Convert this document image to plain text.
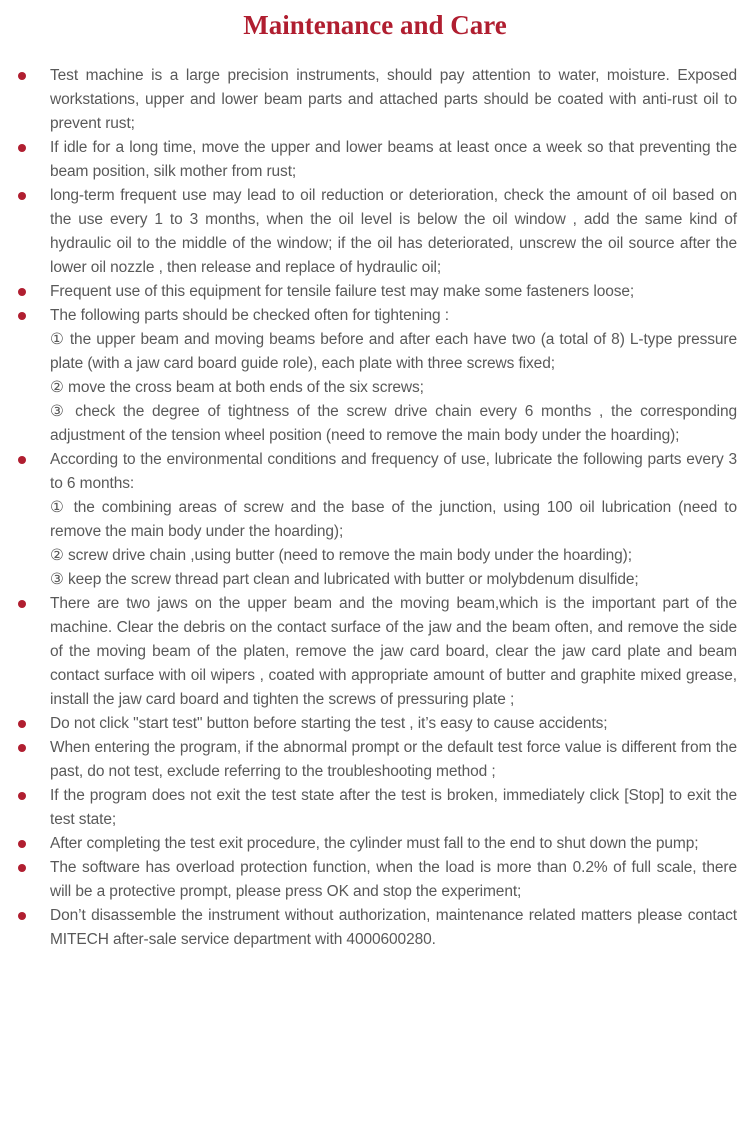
Maintenance and Care

Test machine is a large precision instruments, should pay attention to water, moisture. Exposed workstations, upper and lower beam parts and attached parts should be coated with anti-rust oil to prevent rust;

If idle for a long time, move the upper and lower beams at least once a week so that preventing the beam position, silk mother from rust;

long-term frequent use may lead to oil reduction or deterioration, check the amount of oil based on the use every 1 to 3 months, when the oil level is below the oil window , add the same kind of hydraulic oil to the middle of the window; if the oil has deteriorated, unscrew the oil source after the lower oil nozzle , then release and replace of hydraulic oil;

Frequent use of this equipment for tensile failure test may make some fasteners loose;

The following parts should be checked often for tightening :

① the upper beam and moving beams before and after each have two (a total of 8) L-type pressure plate (with a jaw card board guide role), each plate with three screws fixed;

② move the cross beam at both ends of the six screws;

③ check the degree of tightness of the screw drive chain every 6 months , the corresponding adjustment of the tension wheel position (need to remove the main body under the hoarding);

According to the environmental conditions and frequency of use, lubricate the following parts every 3 to 6 months:

① the combining areas of screw and the base of the junction, using 100 oil lubrication (need to remove the main body under the hoarding);

② screw drive chain ,using butter (need to remove the main body under the hoarding);

③ keep the screw thread part clean and lubricated with butter or molybdenum disulfide;

There are two jaws on the upper beam and the moving beam,which is the important part of the machine. Clear the debris on the contact surface of the jaw and the beam often, and remove the side of the moving beam of the platen, remove the jaw card board, clear the jaw card plate and beam contact surface with oil wipers , coated with appropriate amount of butter and graphite mixed grease, install the jaw card board and tighten the screws of pressuring plate ;

Do not click "start test" button before starting the test , it’s easy to cause accidents;

When entering the program, if the abnormal prompt or the default test force value is different from the past, do not test, exclude referring to the troubleshooting method ;

If the program does not exit the test state after the test is broken, immediately click [Stop] to exit the test state;

After completing the test exit procedure, the cylinder must fall to the end to shut down the pump;

The software has overload protection function, when the load is more than 0.2% of full scale, there will be a protective prompt, please press OK and stop the experiment;

Don’t disassemble the instrument without authorization, maintenance related matters please contact MITECH after-sale service department with 4000600280.
